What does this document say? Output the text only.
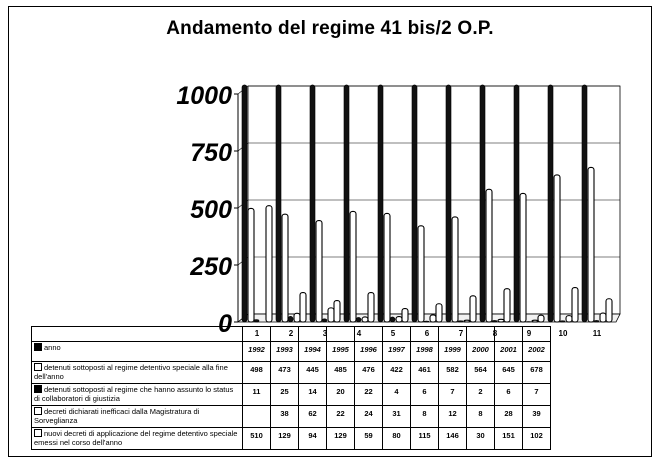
Andamento del regime 41 bis/2 O.P.
0
250
500
750
1000
1	2	3	4	5	6	7	8	9	10	11

anno	1992	1993	1994	1995	1996	1997	1998	1999	2000	2001	2002
detenuti sottoposti al regime detentivo speciale alla fine dell'anno	498	473	445	485	476	422	461	582	564	645	678
detenuti sottoposti al regime che hanno assunto lo status di collaboratori di giustizia	11	25	14	20	22	4	6	7	2	6	7
decreti dichiarati inefficaci dalla Magistratura di Sorveglianza		38	62	22	24	31	8	12	8	28	39
nuovi decreti di applicazione del regime detentivo speciale emessi nel corso dell'anno	510	129	94	129	59	80	115	146	30	151	102
